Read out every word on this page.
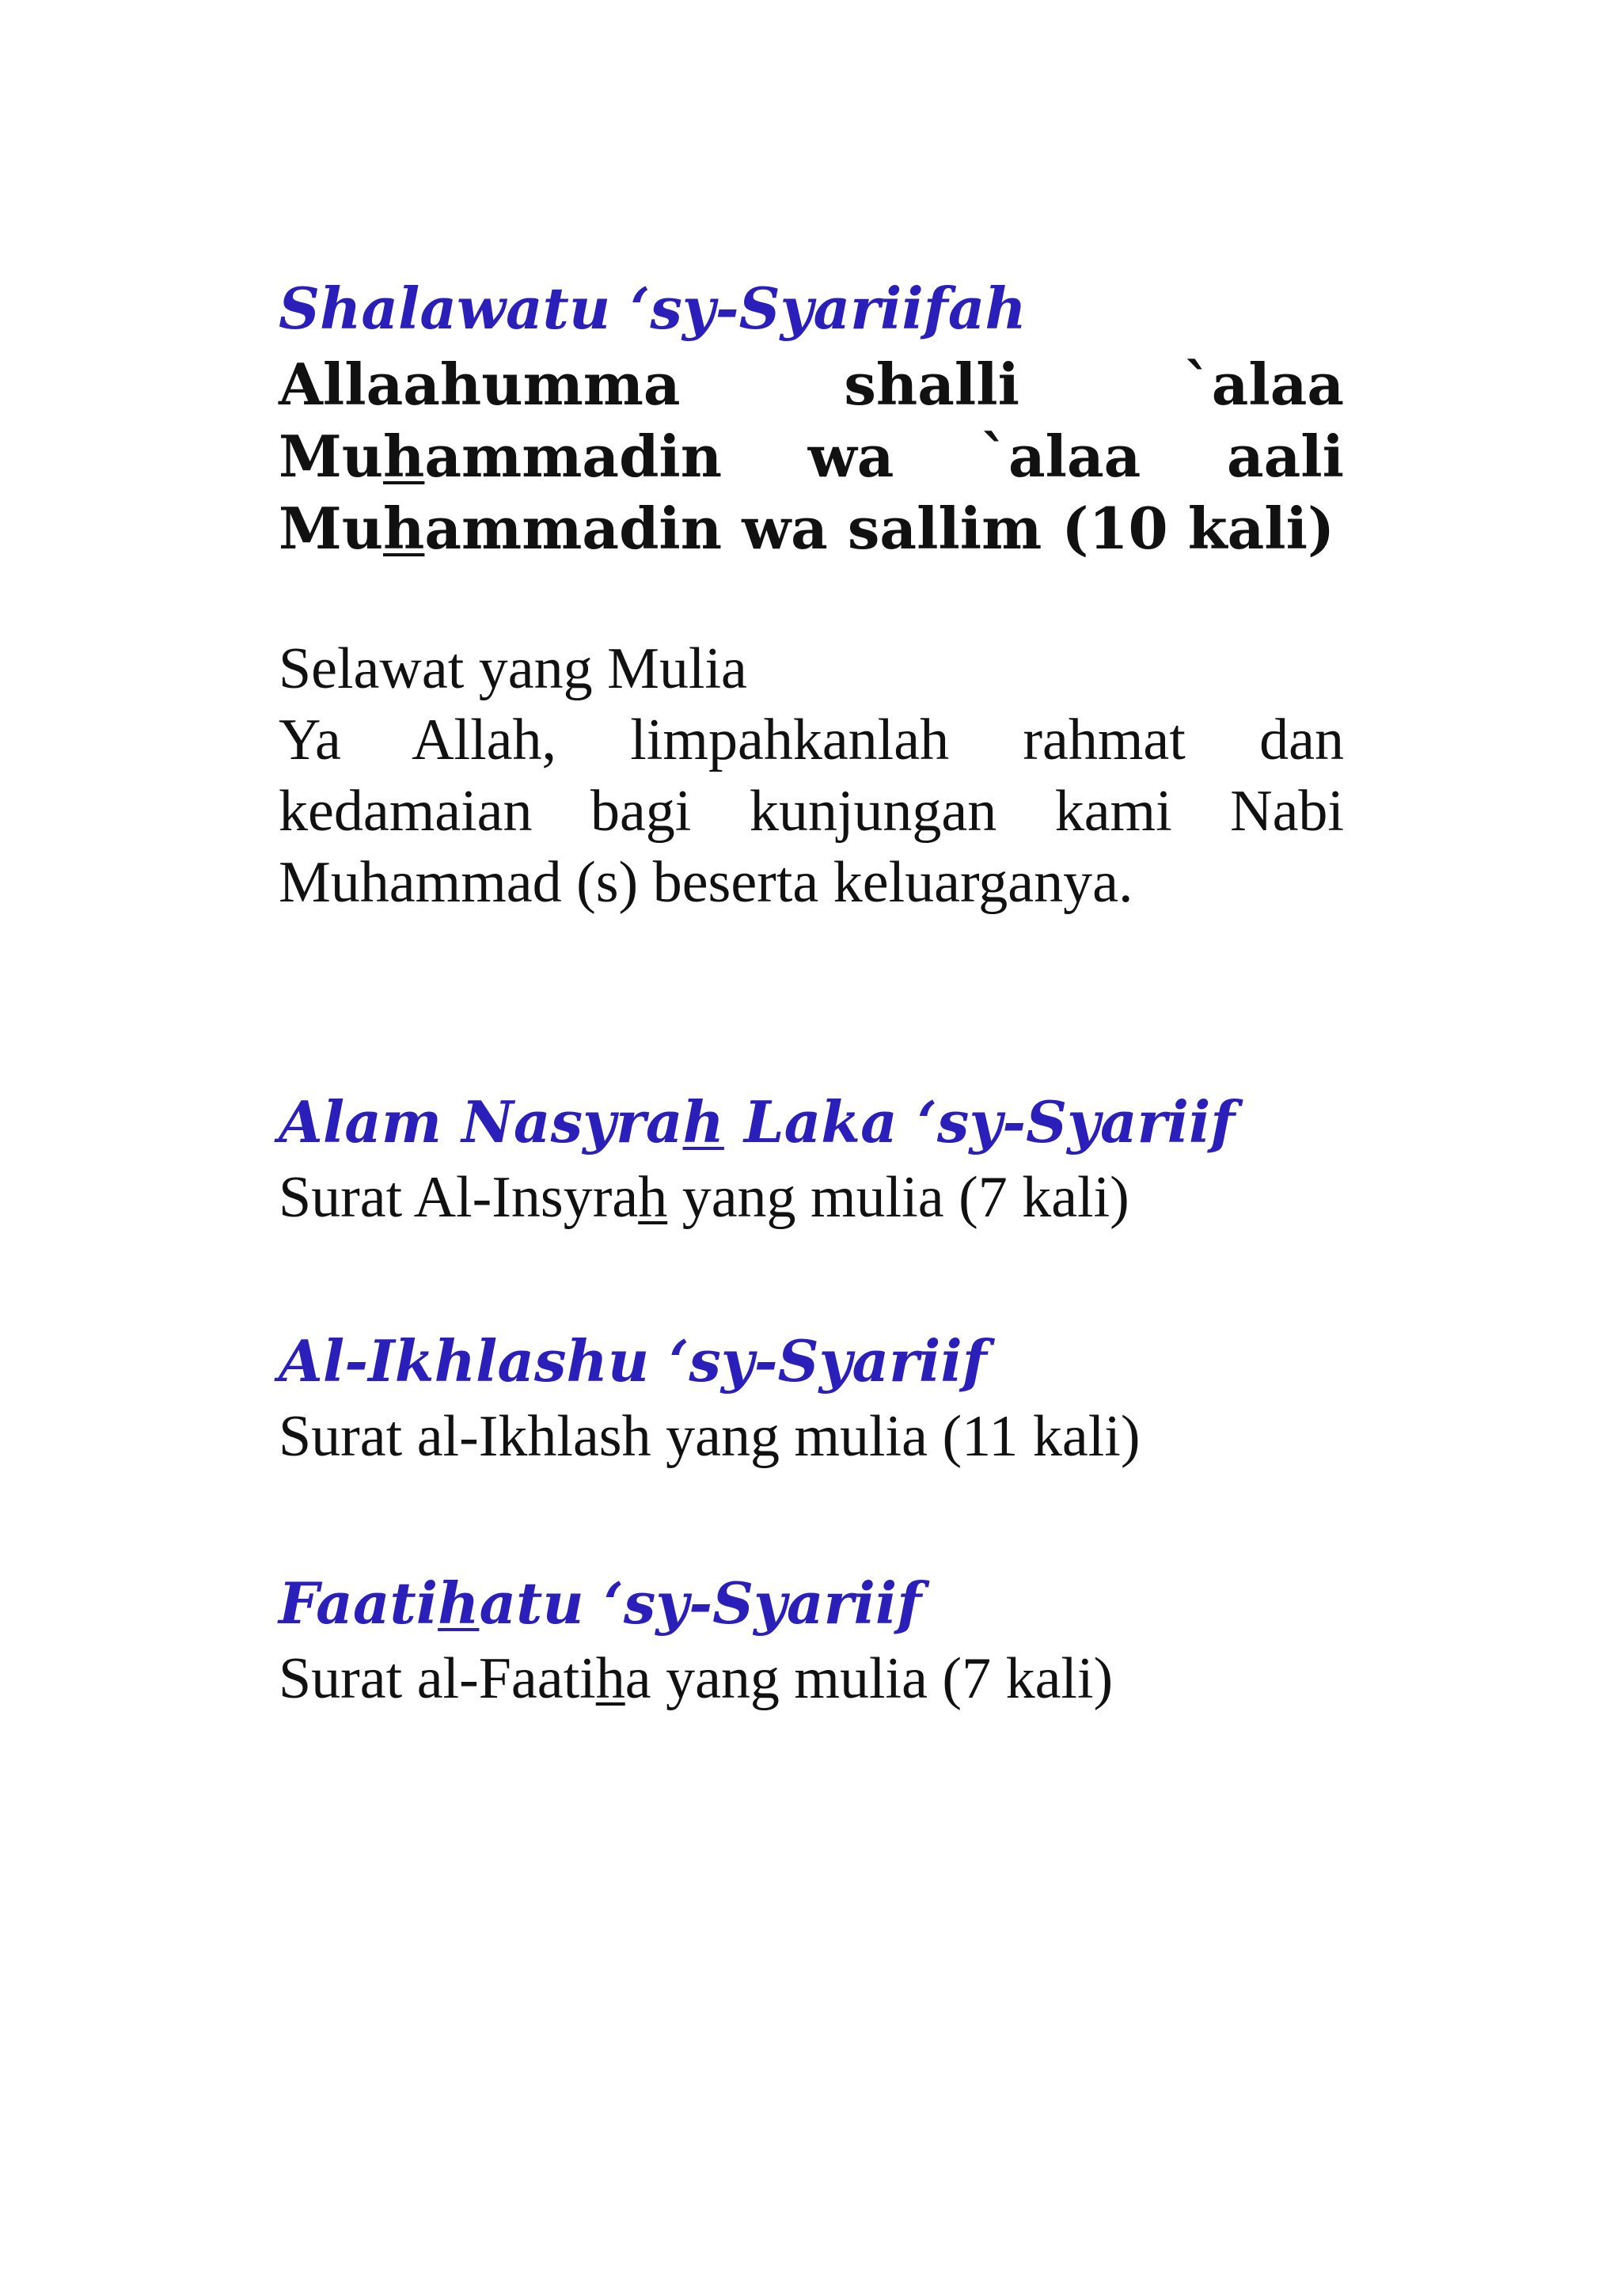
Shalawatu ‘sy-Syariifah

Allaahumma	shalli	`alaa
Muhammadin wa `alaa aali
Muhammadin wa sallim (10 kali)
Selawat yang Mulia
Ya Allah, limpahkanlah rahmat dan
kedamaian bagi kunjungan kami Nabi
Muhammad (s) beserta keluarganya.

Alam Nasyrah Laka ‘sy-Syariif

Surat Al-Insyrah yang mulia (7 kali)

Al-Ikhlashu ‘sy-Syariif

Surat al-Ikhlash yang mulia (11 kali)

Faatihatu ‘sy-Syariif

Surat al-Faatiha yang mulia (7 kali)
